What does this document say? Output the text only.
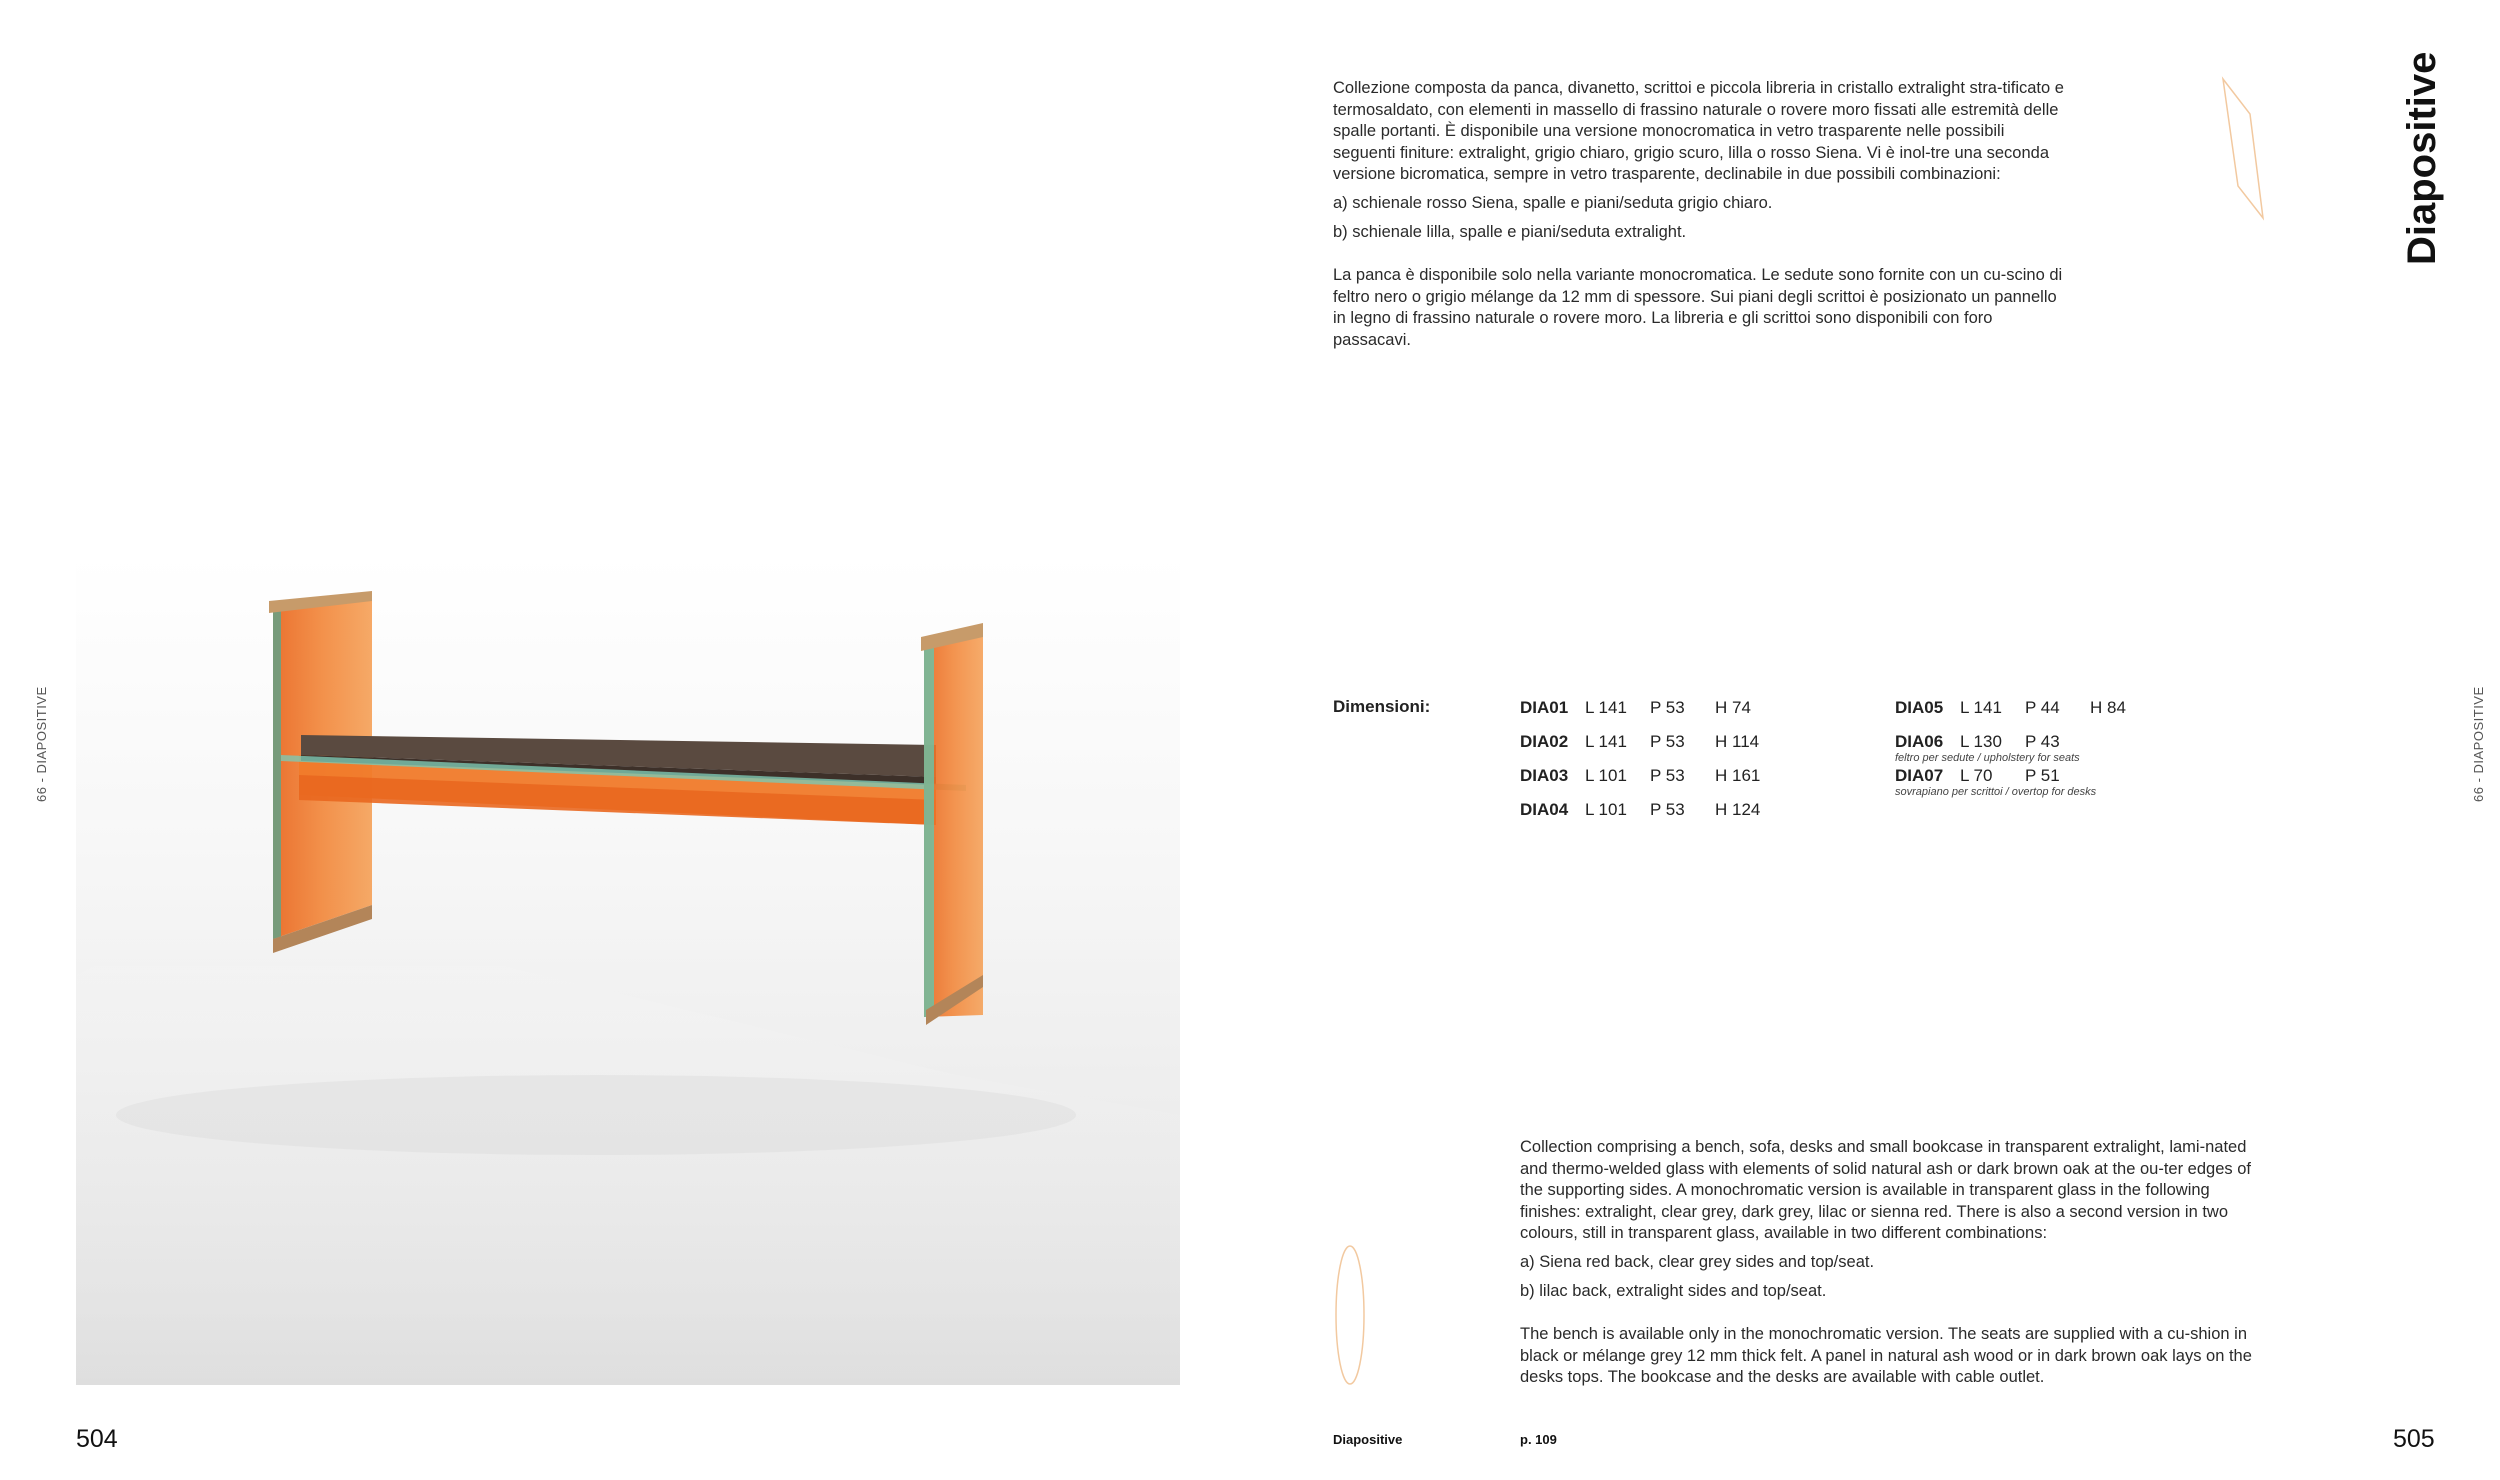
66 - DIAPOSITIVE
504

Collezione composta da panca, divanetto, scrittoi e piccola libreria in cristallo extralight stra-tificato e termosaldato, con elementi in massello di frassino naturale o rovere moro fissati alle estremità delle spalle portanti. È disponibile una versione monocromatica in vetro trasparente nelle possibili seguenti finiture: extralight, grigio chiaro, grigio scuro, lilla o rosso Siena. Vi è inol-tre una seconda versione bicromatica, sempre in vetro trasparente, declinabile in due possibili combinazioni:

a) schienale rosso Siena, spalle e piani/seduta grigio chiaro.

b) schienale lilla, spalle e piani/seduta extralight.

La panca è disponibile solo nella variante monocromatica. Le sedute sono fornite con un cu-scino di feltro nero o grigio mélange da 12 mm di spessore. Sui piani degli scrittoi è posizionato un pannello in legno di frassino naturale o rovere moro. La libreria e gli scrittoi sono disponibili con foro passacavi.

Diapositive
66 - DIAPOSITIVE
Dimensioni:	DIA01 L 141 P 53 H 74
DIA02 L 141 P 53 H 114
DIA03 L 101 P 53 H 161
DIA04 L 101 P 53 H 124
DIA05 L 141 P 44 H 84
DIA06 L 130 P 43
feltro per sedute / upholstery for seats
DIA07 L 70 P 51
sovrapiano per scrittoi / overtop for desks

Collection comprising a bench, sofa, desks and small bookcase in transparent extralight, lami-nated and thermo-welded glass with elements of solid natural ash or dark brown oak at the ou-ter edges of the supporting sides. A monochromatic version is available in transparent glass in the following finishes: extralight, clear grey, dark grey, lilac or sienna red. There is also a second version in two colours, still in transparent glass, available in two different combinations:

a) Siena red back, clear grey sides and top/seat.

b) lilac back, extralight sides and top/seat.

The bench is available only in the monochromatic version. The seats are supplied with a cu-shion in black or mélange grey 12 mm thick felt. A panel in natural ash wood or in dark brown oak lays on the desks tops. The bookcase and the desks are available with cable outlet.

Diapositive	p. 109	505
